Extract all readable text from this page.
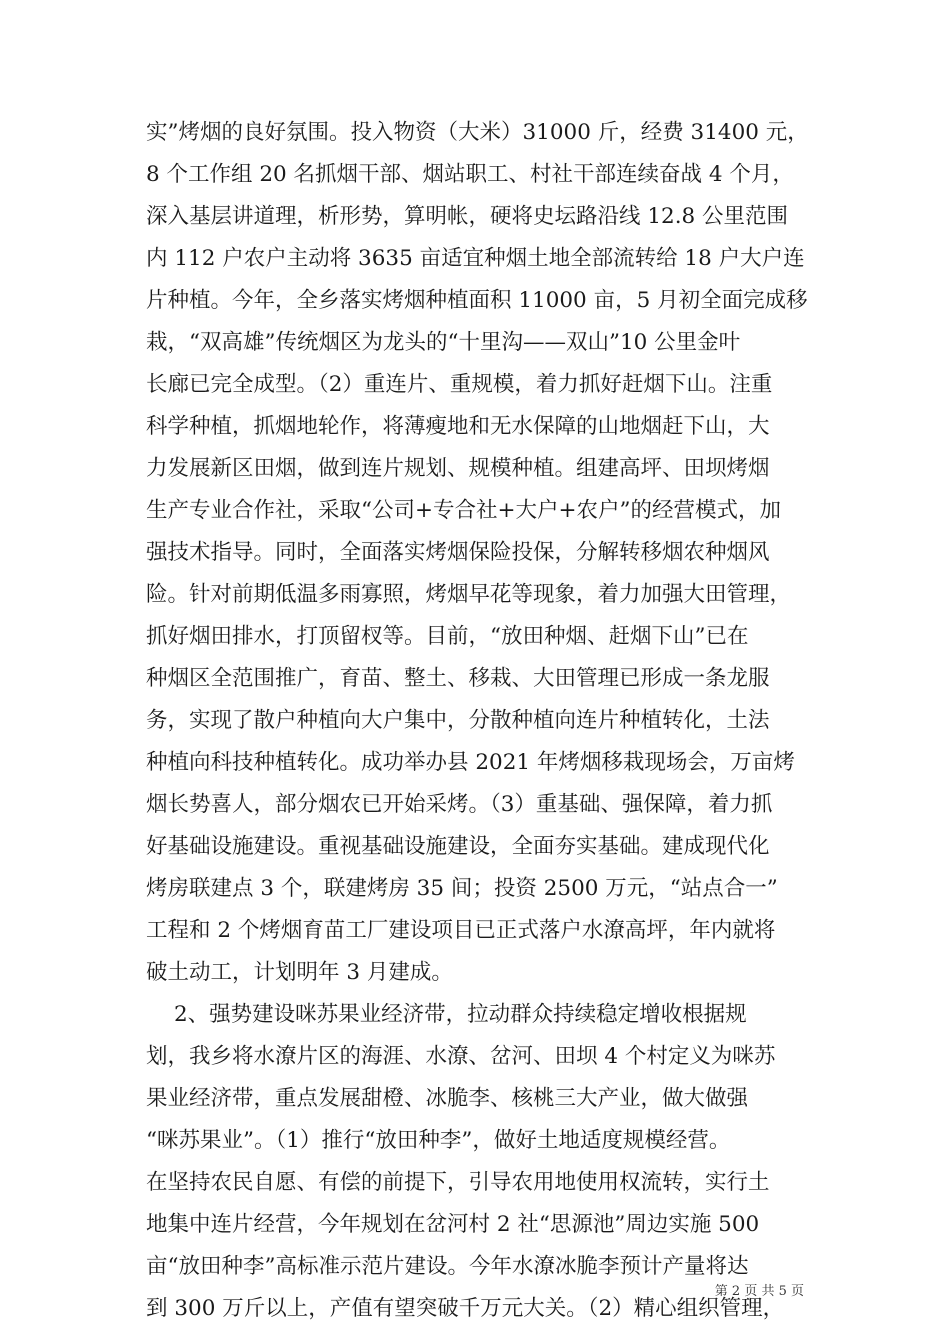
实”烤烟的良好氛围。投入物资（大米）31000 斤，经费 31400 元，
8 个工作组 20 名抓烟干部、烟站职工、村社干部连续奋战 4 个月，
深入基层讲道理，析形势，算明帐，硬将史坛路沿线 12.8 公里范围
内 112 户农户主动将 3635 亩适宜种烟土地全部流转给 18 户大户连
片种植。今年，全乡落实烤烟种植面积 11000 亩，5 月初全面完成移
栽，“双高雄”传统烟区为龙头的“十里沟——双山”10 公里金叶
长廊已完全成型。（2）重连片、重规模，着力抓好赶烟下山。注重
科学种植，抓烟地轮作，将薄瘦地和无水保障的山地烟赶下山，大
力发展新区田烟，做到连片规划、规模种植。组建高坪、田坝烤烟
生产专业合作社，采取“公司+专合社+大户+农户”的经营模式，加
强技术指导。同时，全面落实烤烟保险投保，分解转移烟农种烟风
险。针对前期低温多雨寡照，烤烟早花等现象，着力加强大田管理，
抓好烟田排水，打顶留杈等。目前，“放田种烟、赶烟下山”已在
种烟区全范围推广，育苗、整土、移栽、大田管理已形成一条龙服
务，实现了散户种植向大户集中，分散种植向连片种植转化，土法
种植向科技种植转化。成功举办县 2021 年烤烟移栽现场会，万亩烤
烟长势喜人，部分烟农已开始采烤。（3）重基础、强保障，着力抓
好基础设施建设。重视基础设施建设，全面夯实基础。建成现代化
烤房联建点 3 个，联建烤房 35 间；投资 2500 万元，“站点合一”
工程和 2 个烤烟育苗工厂建设项目已正式落户水潦高坪，年内就将
破土动工，计划明年 3 月建成。
2、强势建设咪苏果业经济带，拉动群众持续稳定增收根据规
划，我乡将水潦片区的海涯、水潦、岔河、田坝 4 个村定义为咪苏
果业经济带，重点发展甜橙、冰脆李、核桃三大产业，做大做强
“咪苏果业”。（1）推行“放田种李”，做好土地适度规模经营。
在坚持农民自愿、有偿的前提下，引导农用地使用权流转，实行土
地集中连片经营，今年规划在岔河村 2 社“思源池”周边实施 500
亩“放田种李”高标准示范片建设。今年水潦冰脆李预计产量将达
到 300 万斤以上，产值有望突破千万元大关。（2）精心组织管理，
第 2 页 共 5 页
